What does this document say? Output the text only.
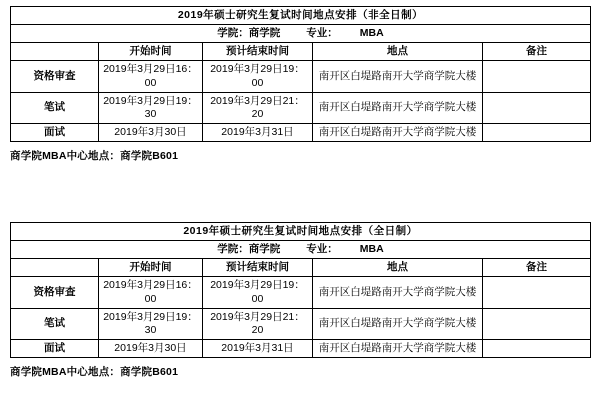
2019年硕士研究生复试时间地点安排（非全日制）				
学院：商学院 专业： MBA				
	开始时间	预计结束时间	地点	备注
资格审查	2019年3月29日16：00	2019年3月29日19：00	南开区白堤路南开大学商学院大楼	
笔试	2019年3月29日19：30	2019年3月29日21：20	南开区白堤路南开大学商学院大楼	
面试	2019年3月30日	2019年3月31日	南开区白堤路南开大学商学院大楼	
商学院MBA中心地点：商学院B601
2019年硕士研究生复试时间地点安排（全日制）				
学院：商学院 专业： MBA				
	开始时间	预计结束时间	地点	备注
资格审查	2019年3月29日16：00	2019年3月29日19：00	南开区白堤路南开大学商学院大楼	
笔试	2019年3月29日19：30	2019年3月29日21：20	南开区白堤路南开大学商学院大楼	
面试	2019年3月30日	2019年3月31日	南开区白堤路南开大学商学院大楼	
商学院MBA中心地点：商学院B601
